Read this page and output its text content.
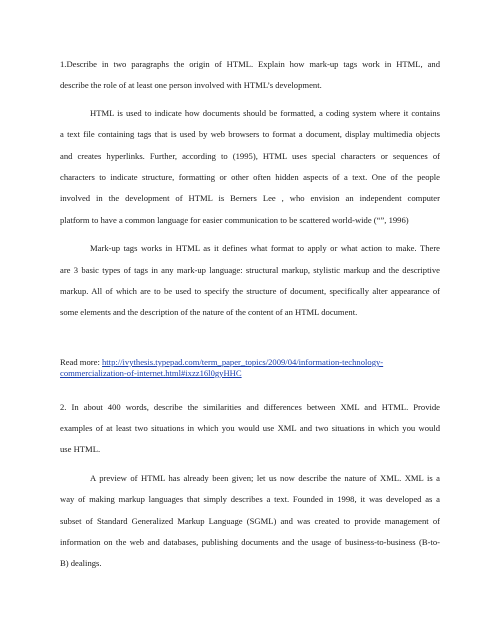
1.Describe in two paragraphs the origin of HTML. Explain how mark-up tags work in HTML, and
describe the role of at least one person involved with HTML’s development.
HTML is used to indicate how documents should be formatted, a coding system where it contains
a text file containing tags that is used by web browsers to format a document, display multimedia objects
and creates hyperlinks. Further, according to (1995), HTML uses special characters or sequences of
characters to indicate structure, formatting or other often hidden aspects of a text. One of the people
involved in the development of HTML is Berners Lee , who envision an independent computer
platform to have a common language for easier communication to be scattered world-wide (“”, 1996)
Mark-up tags works in HTML as it defines what format to apply or what action to make. There
are 3 basic types of tags in any mark-up language: structural markup, stylistic markup and the descriptive
markup. All of which are to be used to specify the structure of document, specifically alter appearance of
some elements and the description of the nature of the content of an HTML document.
Read more: http://ivythesis.typepad.com/term_paper_topics/2009/04/information-technology-
commercialization-of-internet.html#ixzz16l0gyHHC
2. In about 400 words, describe the similarities and differences between XML and HTML. Provide
examples of at least two situations in which you would use XML and two situations in which you would
use HTML.
A preview of HTML has already been given; let us now describe the nature of XML. XML is a
way of making markup languages that simply describes a text. Founded in 1998, it was developed as a
subset of Standard Generalized Markup Language (SGML) and was created to provide management of
information on the web and databases, publishing documents and the usage of business-to-business (B-to-
B) dealings.
